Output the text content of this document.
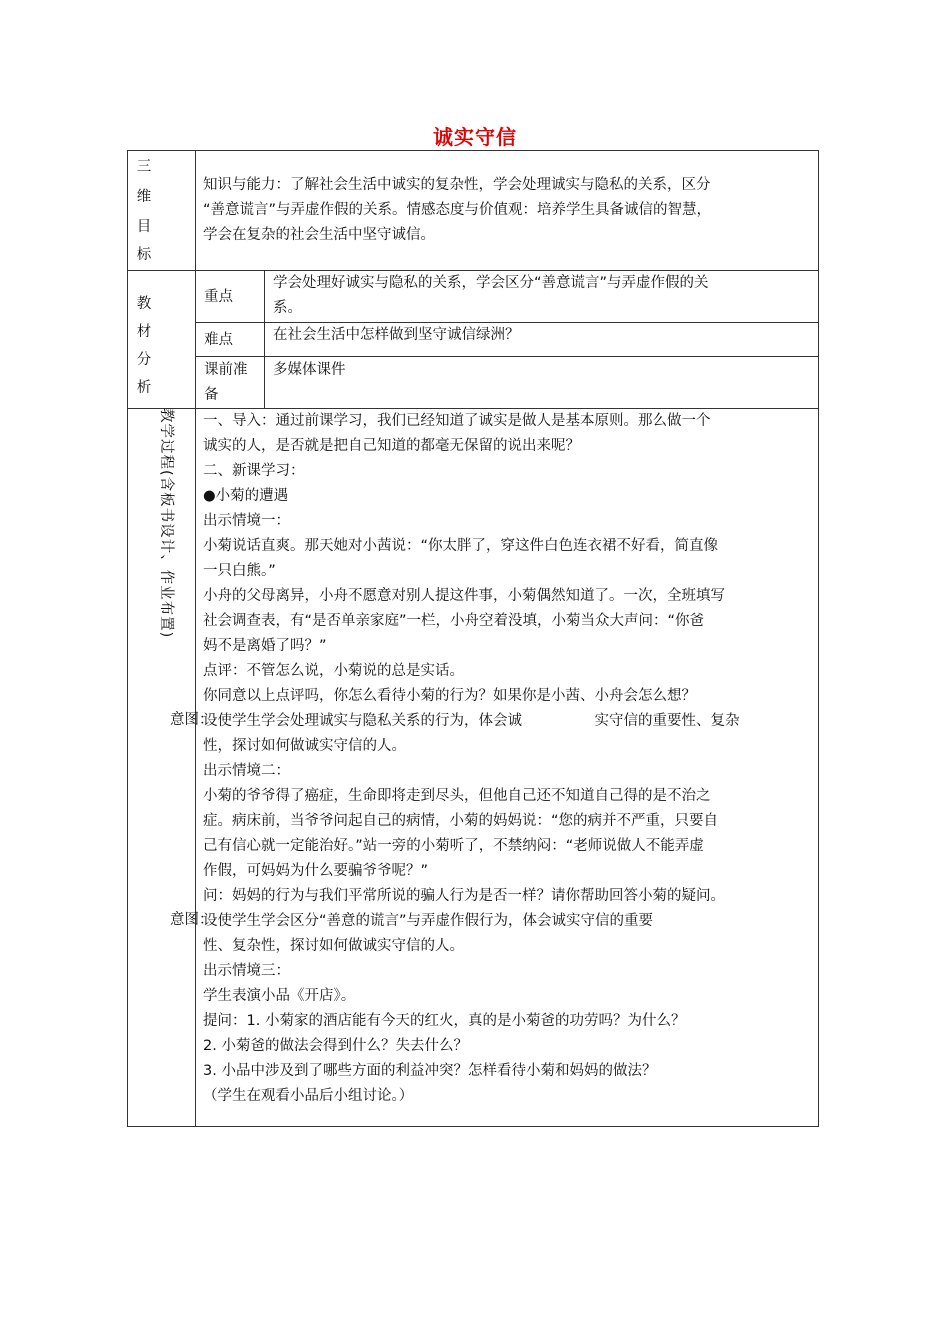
诚实守信
三
维
目
标

知识与能力：了解社会生活中诚实的复杂性，学会处理诚实与隐私的关系，区分

“善意谎言”与弄虚作假的关系。情感态度与价值观：培养学生具备诚信的智慧，

学会在复杂的社会生活中坚守诚信。

教
材
分
析
重点

学会处理好诚实与隐私的关系，学会区分“善意谎言”与弄虚作假的关

系。

难点	在社会生活中怎样做到坚守诚信绿洲？

课前准

备

多媒体课件

教学过程(含板书设计、作业布置)
意图：
意图：

一、导入：通过前课学习，我们已经知道了诚实是做人是基本原则。那么做一个

诚实的人，是否就是把自己知道的都毫无保留的说出来呢？

二、新课学习：

●小菊的遭遇

出示情境一：

小菊说话直爽。那天她对小茜说：“你太胖了，穿这件白色连衣裙不好看，简直像

一只白熊。”

小舟的父母离异，小舟不愿意对别人提这件事，小菊偶然知道了。一次，全班填写

社会调查表，有“是否单亲家庭”一栏，小舟空着没填，小菊当众大声问：“你爸

妈不是离婚了吗？”

点评：不管怎么说，小菊说的总是实话。

你同意以上点评吗，你怎么看待小菊的行为？如果你是小茜、小舟会怎么想？

设使学生学会处理诚实与隐私关系的行为，体会诚　　　　　实守信的重要性、复杂

性，探讨如何做诚实守信的人。

出示情境二：

小菊的爷爷得了癌症，生命即将走到尽头，但他自己还不知道自己得的是不治之

症。病床前，当爷爷问起自己的病情，小菊的妈妈说：“您的病并不严重，只要自

己有信心就一定能治好。”站一旁的小菊听了，不禁纳闷：“老师说做人不能弄虚

作假，可妈妈为什么要骗爷爷呢？”

问：妈妈的行为与我们平常所说的骗人行为是否一样？请你帮助回答小菊的疑问。

设使学生学会区分“善意的谎言”与弄虚作假行为，体会诚实守信的重要

性、复杂性，探讨如何做诚实守信的人。

出示情境三：

学生表演小品《开店》。

提问：1. 小菊家的酒店能有今天的红火，真的是小菊爸的功劳吗？为什么？

2. 小菊爸的做法会得到什么？失去什么？

3. 小品中涉及到了哪些方面的利益冲突？怎样看待小菊和妈妈的做法？

（学生在观看小品后小组讨论。）
